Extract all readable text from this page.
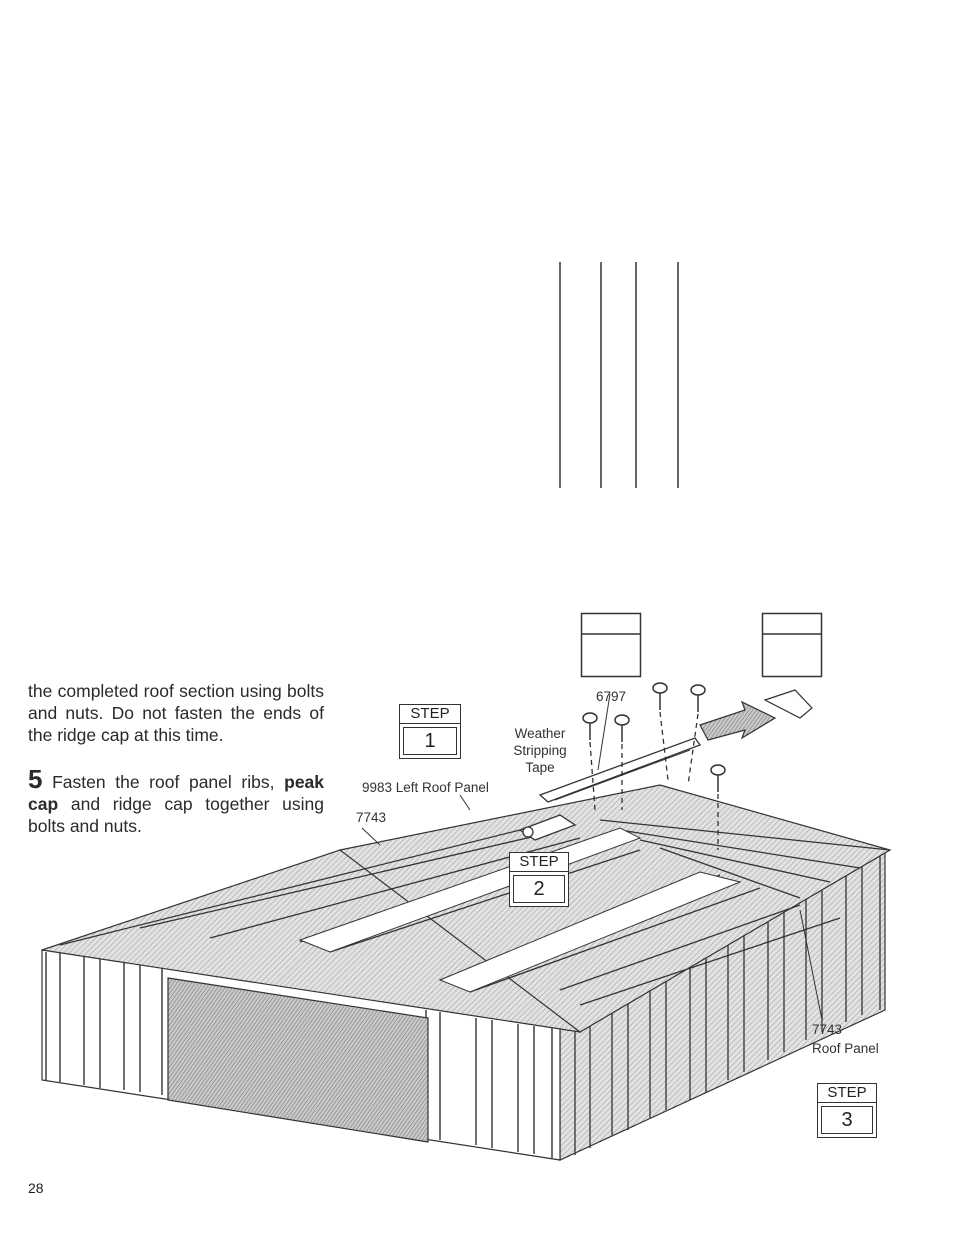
the completed roof section using bolts and nuts. Do not fasten the ends of the ridge cap at this time.
5 Fasten the roof panel ribs, peak cap and ridge cap together using bolts and nuts.
6797
Weather
Stripping
Tape
9983 Left Roof Panel
7743
7743
Roof Panel
STEP
1
STEP
2
STEP
3
28
